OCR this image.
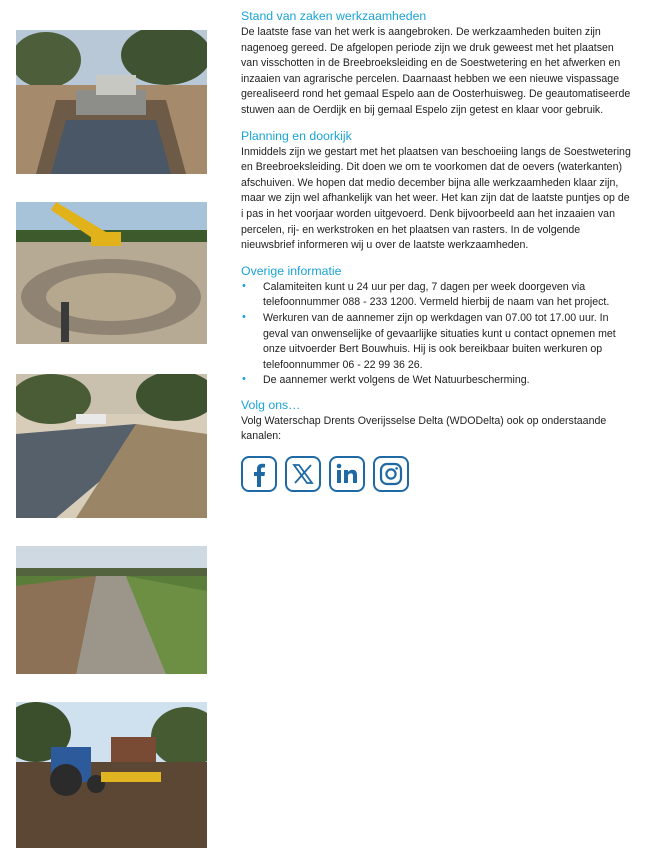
Stand van zaken werkzaamheden

De laatste fase van het werk is aangebroken. De werkzaamheden buiten zijn nagenoeg gereed. De afgelopen periode zijn we druk geweest met het plaatsen van visschotten in de Breebroeksleiding en de Soestwetering en het afwerken en inzaaien van agrarische percelen. Daarnaast hebben we een nieuwe vispassage gerealiseerd rond het gemaal Espelo aan de Oosterhuisweg. De geautomatiseerde stuwen aan de Oerdijk en bij gemaal Espelo zijn getest en klaar voor gebruik.

Planning en doorkijk

Inmiddels zijn we gestart met het plaatsen van beschoeiing langs de Soestwetering en Breebroeksleiding. Dit doen we om te voorkomen dat de oevers (waterkanten) afschuiven. We hopen dat medio december bijna alle werkzaamheden klaar zijn, maar we zijn wel afhankelijk van het weer. Het kan zijn dat de laatste puntjes op de i pas in het voorjaar worden uitgevoerd. Denk bijvoorbeeld aan het inzaaien van percelen, rij- en werkstroken en het plaatsen van rasters. In de volgende nieuwsbrief informeren wij u over de laatste werkzaamheden.

Overige informatie
• Calamiteiten kunt u 24 uur per dag, 7 dagen per week doorgeven via telefoonnummer 088 - 233 1200. Vermeld hierbij de naam van het project.
• Werkuren van de aannemer zijn op werkdagen van 07.00 tot 17.00 uur. In geval van onwenselijke of gevaarlijke situaties kunt u contact opnemen met onze uitvoerder Bert Bouwhuis. Hij is ook bereikbaar buiten werkuren op telefoonnummer 06 - 22 99 36 26.
• De aannemer werkt volgens de Wet Natuurbescherming.
Volg ons…

Volg Waterschap Drents Overijsselse Delta (WDODelta) ook op onderstaande kanalen:
